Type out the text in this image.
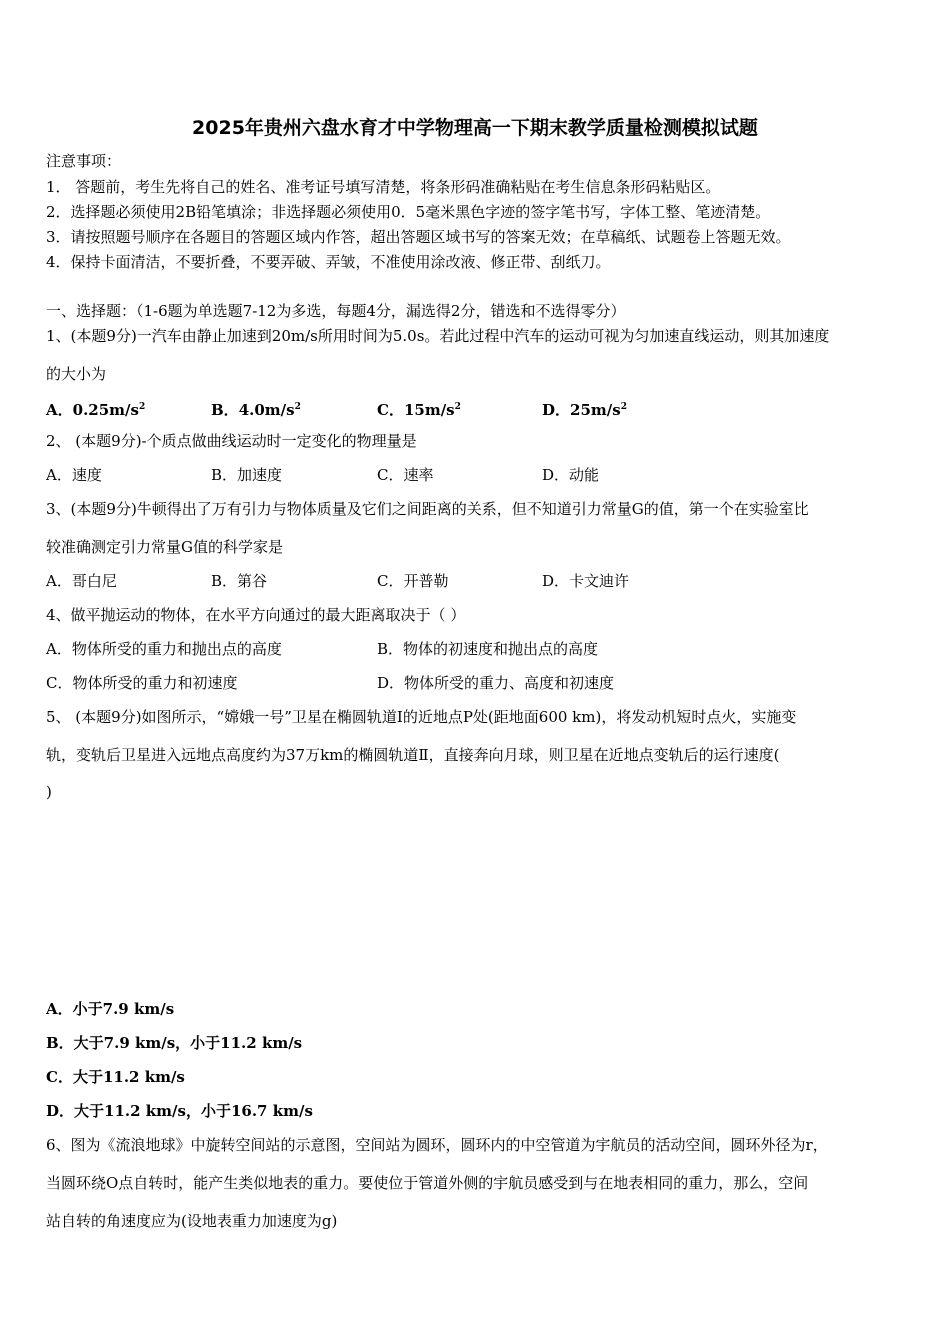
2025年贵州六盘水育才中学物理高一下期末教学质量检测模拟试题
注意事项：
1． 答题前，考生先将自己的姓名、准考证号填写清楚，将条形码准确粘贴在考生信息条形码粘贴区。
2．选择题必须使用2B铅笔填涂；非选择题必须使用0．5毫米黑色字迹的签字笔书写，字体工整、笔迹清楚。
3．请按照题号顺序在各题目的答题区域内作答，超出答题区域书写的答案无效；在草稿纸、试题卷上答题无效。
4．保持卡面清洁，不要折叠，不要弄破、弄皱，不准使用涂改液、修正带、刮纸刀。
一、选择题：（1-6题为单选题7-12为多选，每题4分，漏选得2分，错选和不选得零分）
1、(本题9分)一汽车由静止加速到20m/s所用时间为5.0s。若此过程中汽车的运动可视为匀加速直线运动，则其加速度
的大小为
A．$0.25m/s^2$	B．$4.0m/s^2$	C．$15m/s^2$	D．$25m/s^2$
2、 (本题9分)-个质点做曲线运动时一定变化的物理量是
A．速度	B．加速度	C．速率	D．动能
3、(本题9分)牛顿得出了万有引力与物体质量及它们之间距离的关系，但不知道引力常量G的值，第一个在实验室比
较准确测定引力常量G值的科学家是
A．哥白尼	B．第谷	C．开普勒	D．卡文迪许
4、做平抛运动的物体，在水平方向通过的最大距离取决于（ ）
A．物体所受的重力和抛出点的高度	B．物体的初速度和抛出点的高度
C．物体所受的重力和初速度	D．物体所受的重力、高度和初速度
5、 (本题9分)如图所示，“嫦娥一号”卫星在椭圆轨道Ⅰ的近地点P处(距地面600 km)，将发动机短时点火，实施变
轨，变轨后卫星进入远地点高度约为37万km的椭圆轨道Ⅱ，直接奔向月球，则卫星在近地点变轨后的运行速度(
)
A．小于7.9 km/s
B．大于7.9 km/s，小于11.2 km/s
C．大于11.2 km/s
D．大于11.2 km/s，小于16.7 km/s
6、图为《流浪地球》中旋转空间站的示意图，空间站为圆环，圆环内的中空管道为宇航员的活动空间，圆环外径为r，
当圆环绕O点自转时，能产生类似地表的重力。要使位于管道外侧的宇航员感受到与在地表相同的重力，那么，空间
站自转的角速度应为(设地表重力加速度为g)
